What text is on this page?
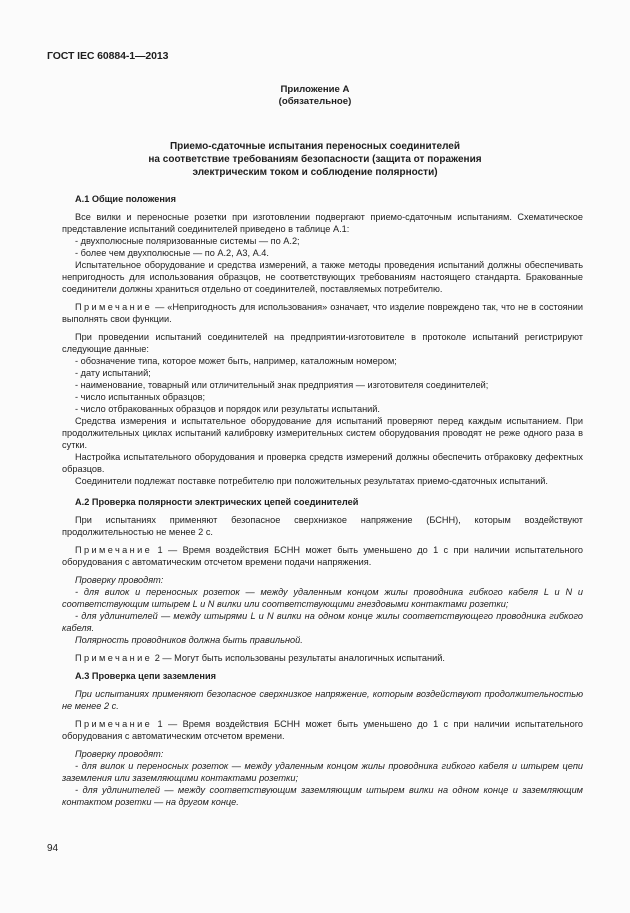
ГОСТ IEC 60884-1—2013
Приложение А
(обязательное)
Приемо-сдаточные испытания переносных соединителей
на соответствие требованиям безопасности (защита от поражения
электрическим током и соблюдение полярности)

А.1 Общие положения

Все вилки и переносные розетки при изготовлении подвергают приемо-сдаточным испытаниям. Схематическое представление испытаний соединителей приведено в таблице А.1:

- двухполюсные поляризованные системы — по А.2;

- более чем двухполюсные — по А.2, А3, А.4.

Испытательное оборудование и средства измерений, а также методы проведения испытаний должны обеспечивать непригодность для использования образцов, не соответствующих требованиям настоящего стандарта. Бракованные соединители должны храниться отдельно от соединителей, поставляемых потребителю.

Примечание — «Непригодность для использования» означает, что изделие повреждено так, что не в состоянии выполнять свои функции.

При проведении испытаний соединителей на предприятии-изготовителе в протоколе испытаний регистрируют следующие данные:

- обозначение типа, которое может быть, например, каталожным номером;

- дату испытаний;

- наименование, товарный или отличительный знак предприятия — изготовителя соединителей;

- число испытанных образцов;

- число отбракованных образцов и порядок или результаты испытаний.

Средства измерения и испытательное оборудование для испытаний проверяют перед каждым испытанием. При продолжительных циклах испытаний калибровку измерительных систем оборудования проводят не реже одного раза в сутки.

Настройка испытательного оборудования и проверка средств измерений должны обеспечить отбраковку дефектных образцов.

Соединители подлежат поставке потребителю при положительных результатах приемо-сдаточных испытаний.

А.2 Проверка полярности электрических цепей соединителей

При испытаниях применяют безопасное сверхнизкое напряжение (БСНН), которым воздействуют продолжительностью не менее 2 с.

Примечание 1 — Время воздействия БСНН может быть уменьшено до 1 с при наличии испытательного оборудования с автоматическим отсчетом времени подачи напряжения.

Проверку проводят:

- для вилок и переносных розеток — между удаленным концом жилы проводника гибкого кабеля L и N и соответствующим штырем L и N вилки или соответствующими гнездовыми контактами розетки;

- для удлинителей — между штырями L и N вилки на одном конце жилы соответствующего проводника гибкого кабеля.

Полярность проводников должна быть правильной.

Примечание 2 — Могут быть использованы результаты аналогичных испытаний.

А.3 Проверка цепи заземления

При испытаниях применяют безопасное сверхнизкое напряжение, которым воздействуют продолжительностью не менее 2 с.

Примечание 1 — Время воздействия БСНН может быть уменьшено до 1 с при наличии испытательного оборудования с автоматическим отсчетом времени.

Проверку проводят:

- для вилок и переносных розеток — между удаленным концом жилы проводника гибкого кабеля и штырем цепи заземления или заземляющими контактами розетки;

- для удлинителей — между соответствующим заземляющим штырем вилки на одном конце и заземляющим контактом розетки — на другом конце.

94
